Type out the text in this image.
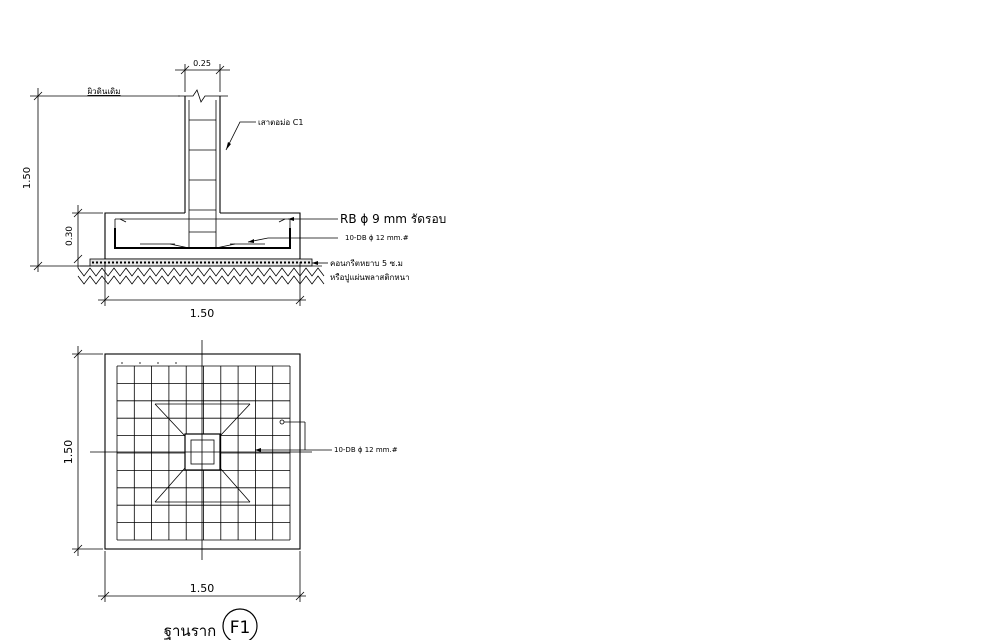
0.25
1.50
ผิวดินเดิม
0.30
1.50
เสาตอม่อ C1
RB ϕ 9 mm รัดรอบ
10-DB ϕ 12 mm.#
คอนกรีตหยาบ 5 ซ.ม
หรือปูแผ่นพลาสติกหนา
10-DB ϕ 12 mm.#
1.50
1.50
ฐานราก F1
